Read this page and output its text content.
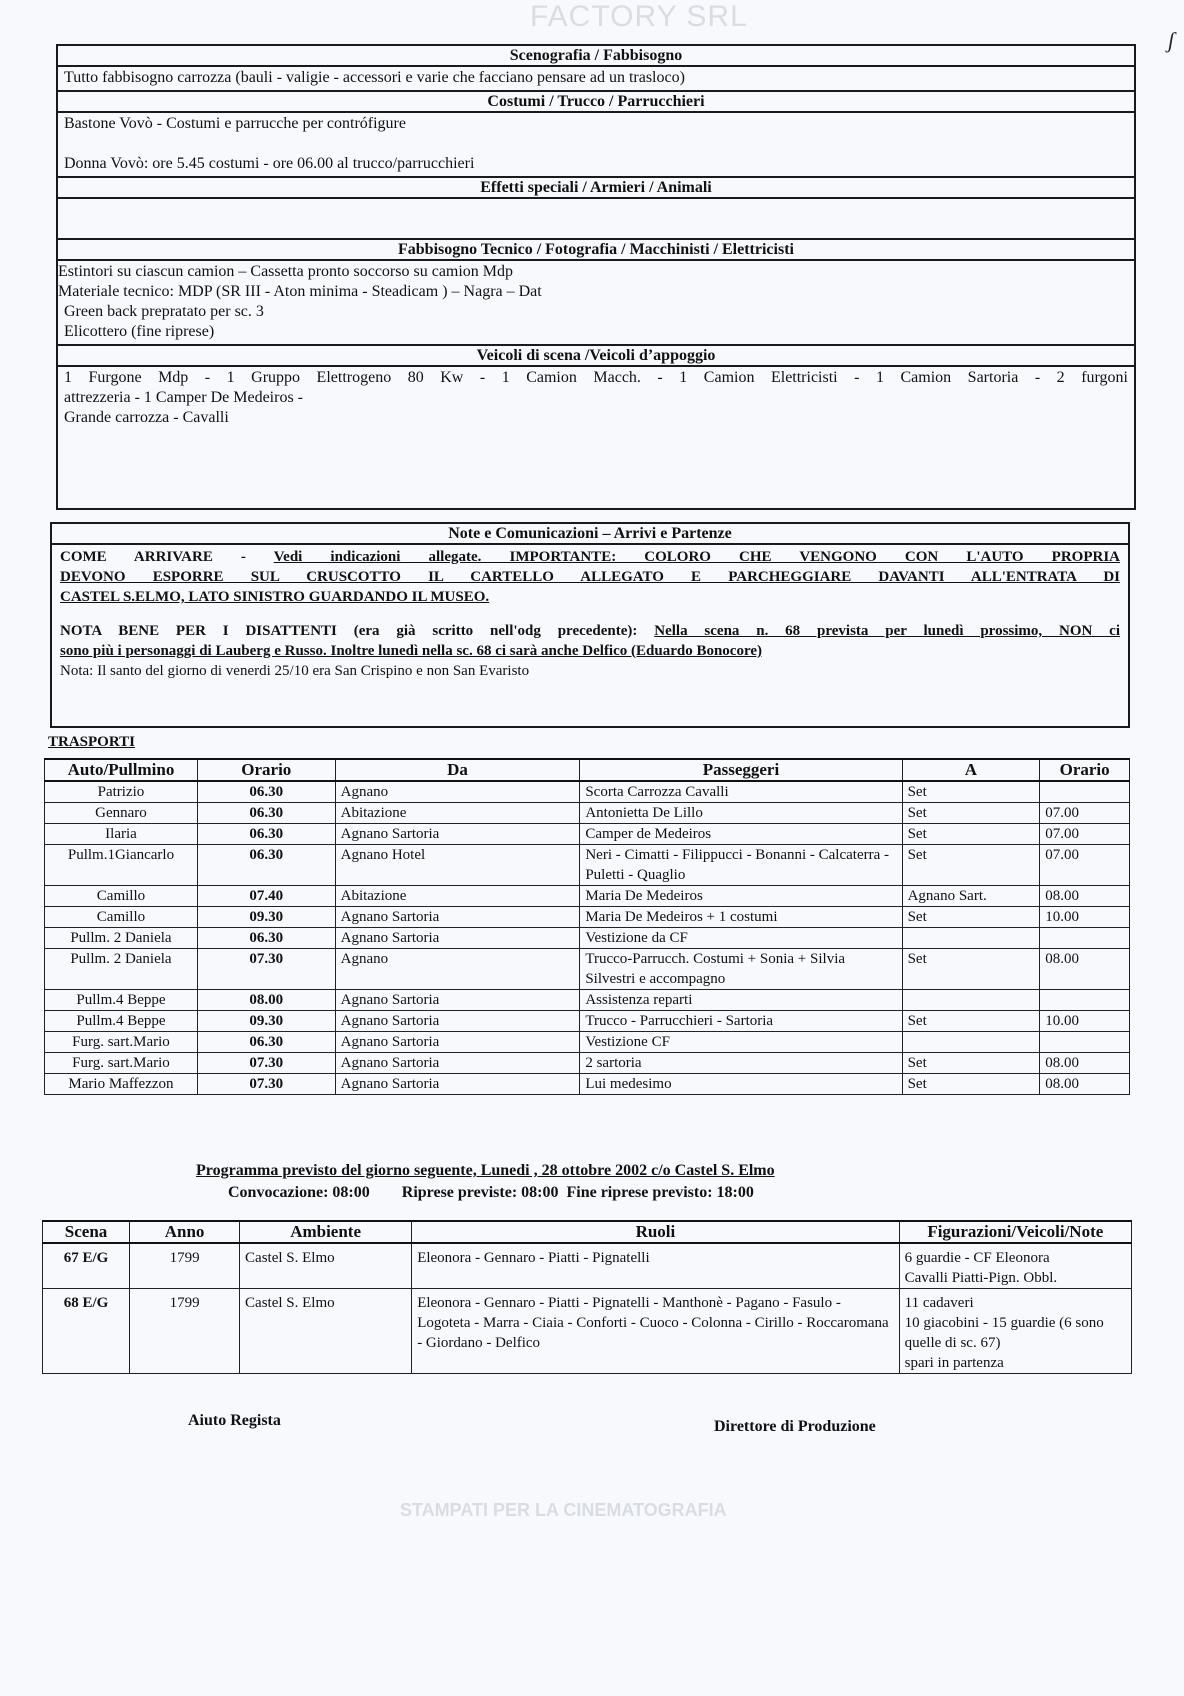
FACTORY SRL
STAMPATI PER LA CINEMATOGRAFIA
ʃ
Scenografia / Fabbisogno
Tutto fabbisogno carrozza (bauli - valigie - accessori e varie che facciano pensare ad un trasloco)
Costumi / Trucco / Parrucchieri
Bastone Vovò - Costumi e parrucche per contrófigure
Donna Vovò: ore 5.45 costumi - ore 06.00 al trucco/parrucchieri
Effetti speciali / Armieri / Animali
Fabbisogno Tecnico / Fotografia / Macchinisti / Elettricisti
Estintori su ciascun camion – Cassetta pronto soccorso su camion Mdp
Materiale tecnico: MDP (SR III - Aton minima - Steadicam ) – Nagra – Dat
Green back prepratato per sc. 3
Elicottero (fine riprese)
Veicoli di scena /Veicoli d’appoggio
1 Furgone Mdp - 1 Gruppo Elettrogeno 80 Kw - 1 Camion Macch. - 1 Camion Elettricisti - 1 Camion Sartoria - 2 furgoni
attrezzeria - 1 Camper De Medeiros -
Grande carrozza - Cavalli
Note e Comunicazioni – Arrivi e Partenze
COME ARRIVARE - Vedi indicazioni allegate. IMPORTANTE: COLORO CHE VENGONO CON L'AUTO PROPRIA
DEVONO ESPORRE SUL CRUSCOTTO IL CARTELLO ALLEGATO E PARCHEGGIARE DAVANTI ALL'ENTRATA DI
CASTEL S.ELMO, LATO SINISTRO GUARDANDO IL MUSEO.
NOTA BENE PER I DISATTENTI (era già scritto nell'odg precedente): Nella scena n. 68 prevista per lunedì prossimo, NON ci
sono più i personaggi di Lauberg e Russo. Inoltre lunedì nella sc. 68 ci sarà anche Delfico (Eduardo Bonocore)
Nota: Il santo del giorno di venerdi 25/10 era San Crispino e non San Evaristo
TRASPORTI
Auto/Pullmino	Orario	Da	Passeggeri	A	Orario
Patrizio	06.30	Agnano	Scorta Carrozza Cavalli	Set	
Gennaro	06.30	Abitazione	Antonietta De Lillo	Set	07.00
Ilaria	06.30	Agnano Sartoria	Camper de Medeiros	Set	07.00
Pullm.1Giancarlo	06.30	Agnano Hotel	Neri - Cimatti - Filippucci - Bonanni - Calcaterra - Puletti - Quaglio	Set	07.00
Camillo	07.40	Abitazione	Maria De Medeiros	Agnano Sart.	08.00
Camillo	09.30	Agnano Sartoria	Maria De Medeiros + 1 costumi	Set	10.00
Pullm. 2 Daniela	06.30	Agnano Sartoria	Vestizione da CF		
Pullm. 2 Daniela	07.30	Agnano	Trucco-Parrucch. Costumi + Sonia + Silvia Silvestri e accompagno	Set	08.00
Pullm.4 Beppe	08.00	Agnano Sartoria	Assistenza reparti		
Pullm.4 Beppe	09.30	Agnano Sartoria	Trucco - Parrucchieri - Sartoria	Set	10.00
Furg. sart.Mario	06.30	Agnano Sartoria	Vestizione CF		
Furg. sart.Mario	07.30	Agnano Sartoria	2 sartoria	Set	08.00
Mario Maffezzon	07.30	Agnano Sartoria	Lui medesimo	Set	08.00
Programma previsto del giorno seguente, Lunedi , 28 ottobre 2002 c/o Castel S. Elmo
Convocazione: 08:00        Riprese previste: 08:00  Fine riprese previsto: 18:00
Scena	Anno	Ambiente	Ruoli	Figurazioni/Veicoli/Note
67 E/G	1799	Castel S. Elmo	Eleonora - Gennaro - Piatti - Pignatelli	6 guardie - CF Eleonora
Cavalli Piatti-Pign. Obbl.

68 E/G	1799	Castel S. Elmo	Eleonora - Gennaro - Piatti - Pignatelli - Manthonè - Pagano - Fasulo - Logoteta - Marra - Ciaia - Conforti - Cuoco - Colonna - Cirillo - Roccaromana - Giordano - Delfico	11 cadaveri
10 giacobini - 15 guardie (6 sono quelle di sc. 67)
spari in partenza
Aiuto Regista	Direttore di Produzione
